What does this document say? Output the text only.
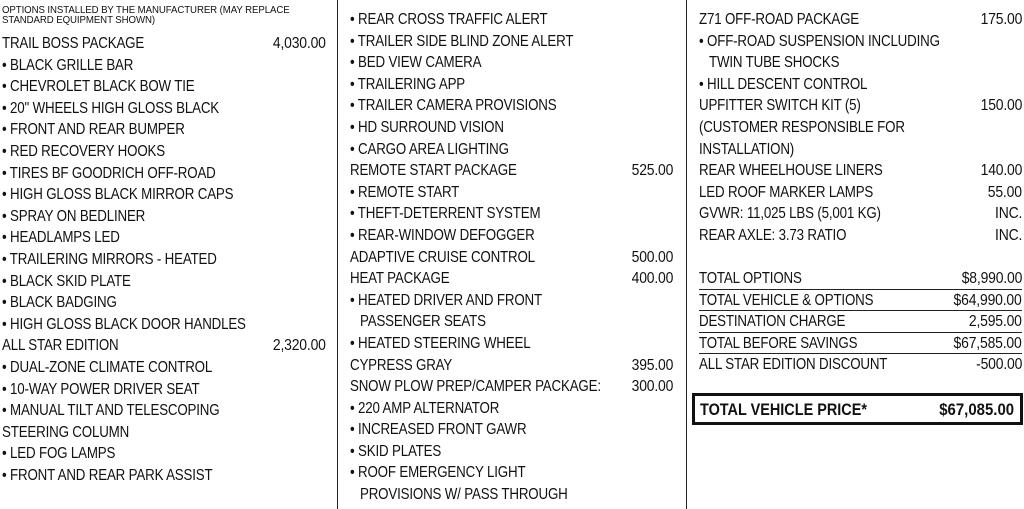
OPTIONS INSTALLED BY THE MANUFACTURER (MAY REPLACE
STANDARD EQUIPMENT SHOWN)
TRAIL BOSS PACKAGE	4,030.00
• BLACK GRILLE BAR
• CHEVROLET BLACK BOW TIE
• 20" WHEELS HIGH GLOSS BLACK
• FRONT AND REAR BUMPER
• RED RECOVERY HOOKS
• TIRES BF GOODRICH OFF-ROAD
• HIGH GLOSS BLACK MIRROR CAPS
• SPRAY ON BEDLINER
• HEADLAMPS LED
• TRAILERING MIRRORS - HEATED
• BLACK SKID PLATE
• BLACK BADGING
• HIGH GLOSS BLACK DOOR HANDLES
ALL STAR EDITION	2,320.00
• DUAL-ZONE CLIMATE CONTROL
• 10-WAY POWER DRIVER SEAT
• MANUAL TILT AND TELESCOPING
STEERING COLUMN
• LED FOG LAMPS
• FRONT AND REAR PARK ASSIST
• REAR CROSS TRAFFIC ALERT
• TRAILER SIDE BLIND ZONE ALERT
• BED VIEW CAMERA
• TRAILERING APP
• TRAILER CAMERA PROVISIONS
• HD SURROUND VISION
• CARGO AREA LIGHTING
REMOTE START PACKAGE	525.00
• REMOTE START
• THEFT-DETERRENT SYSTEM
• REAR-WINDOW DEFOGGER
ADAPTIVE CRUISE CONTROL	500.00
HEAT PACKAGE	400.00
• HEATED DRIVER AND FRONT
PASSENGER SEATS
• HEATED STEERING WHEEL
CYPRESS GRAY	395.00
SNOW PLOW PREP/CAMPER PACKAGE: 300.00
• 220 AMP ALTERNATOR
• INCREASED FRONT GAWR
• SKID PLATES
• ROOF EMERGENCY LIGHT
PROVISIONS W/ PASS THROUGH
Z71 OFF-ROAD PACKAGE	175.00
• OFF-ROAD SUSPENSION INCLUDING
TWIN TUBE SHOCKS
• HILL DESCENT CONTROL
UPFITTER SWITCH KIT (5)	150.00
(CUSTOMER RESPONSIBLE FOR
INSTALLATION)
REAR WHEELHOUSE LINERS	140.00
LED ROOF MARKER LAMPS	55.00
GVWR: 11,025 LBS (5,001 KG)	INC.
REAR AXLE: 3.73 RATIO	INC.
TOTAL OPTIONS	$8,990.00
TOTAL VEHICLE & OPTIONS	$64,990.00
DESTINATION CHARGE	2,595.00
TOTAL BEFORE SAVINGS	$67,585.00
ALL STAR EDITION DISCOUNT	-500.00
TOTAL VEHICLE PRICE*	$67,085.00
